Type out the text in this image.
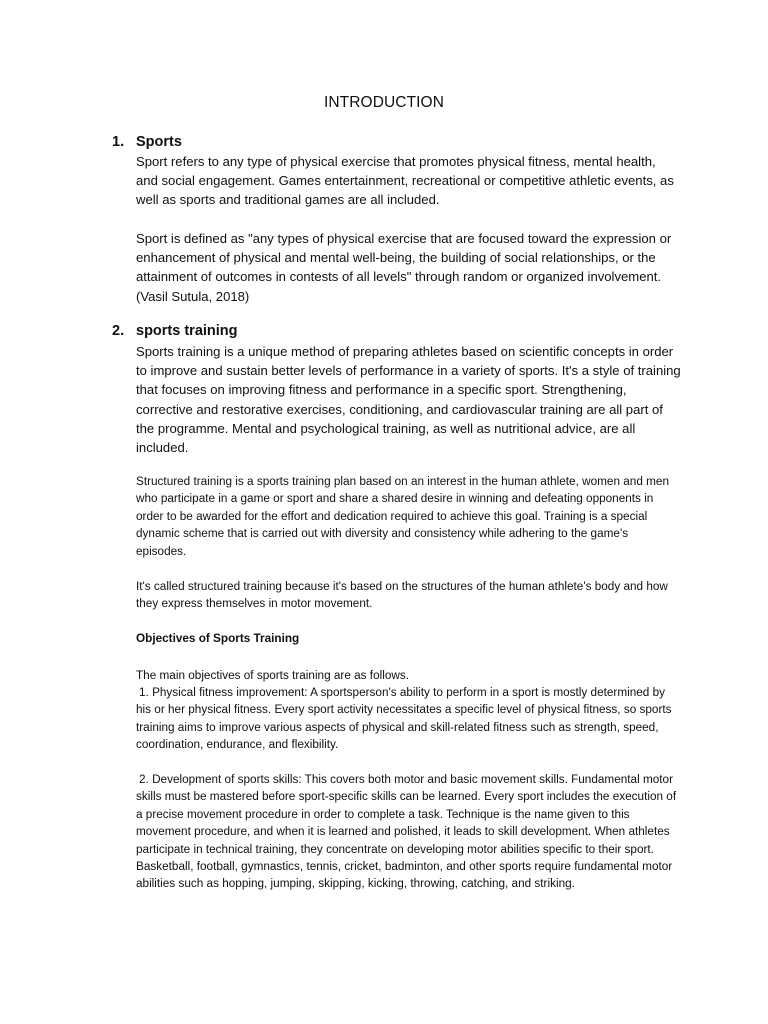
INTRODUCTION
1. Sports

Sport refers to any type of physical exercise that promotes physical fitness, mental health, and social engagement. Games entertainment, recreational or competitive athletic events, as well as sports and traditional games are all included.

Sport is defined as "any types of physical exercise that are focused toward the expression or enhancement of physical and mental well-being, the building of social relationships, or the attainment of outcomes in contests of all levels" through random or organized involvement. (Vasil Sutula, 2018)

2. sports training

Sports training is a unique method of preparing athletes based on scientific concepts in order to improve and sustain better levels of performance in a variety of sports. It's a style of training that focuses on improving fitness and performance in a specific sport. Strengthening, corrective and restorative exercises, conditioning, and cardiovascular training are all part of the programme. Mental and psychological training, as well as nutritional advice, are all included.

Structured training is a sports training plan based on an interest in the human athlete, women and men who participate in a game or sport and share a shared desire in winning and defeating opponents in order to be awarded for the effort and dedication required to achieve this goal. Training is a special dynamic scheme that is carried out with diversity and consistency while adhering to the game's episodes.

It's called structured training because it's based on the structures of the human athlete's body and how they express themselves in motor movement.

Objectives of Sports Training

The main objectives of sports training are as follows.

1. Physical fitness improvement: A sportsperson's ability to perform in a sport is mostly determined by his or her physical fitness. Every sport activity necessitates a specific level of physical fitness, so sports training aims to improve various aspects of physical and skill-related fitness such as strength, speed, coordination, endurance, and flexibility.

2. Development of sports skills: This covers both motor and basic movement skills. Fundamental motor skills must be mastered before sport-specific skills can be learned. Every sport includes the execution of a precise movement procedure in order to complete a task. Technique is the name given to this movement procedure, and when it is learned and polished, it leads to skill development. When athletes participate in technical training, they concentrate on developing motor abilities specific to their sport. Basketball, football, gymnastics, tennis, cricket, badminton, and other sports require fundamental motor abilities such as hopping, jumping, skipping, kicking, throwing, catching, and striking.
